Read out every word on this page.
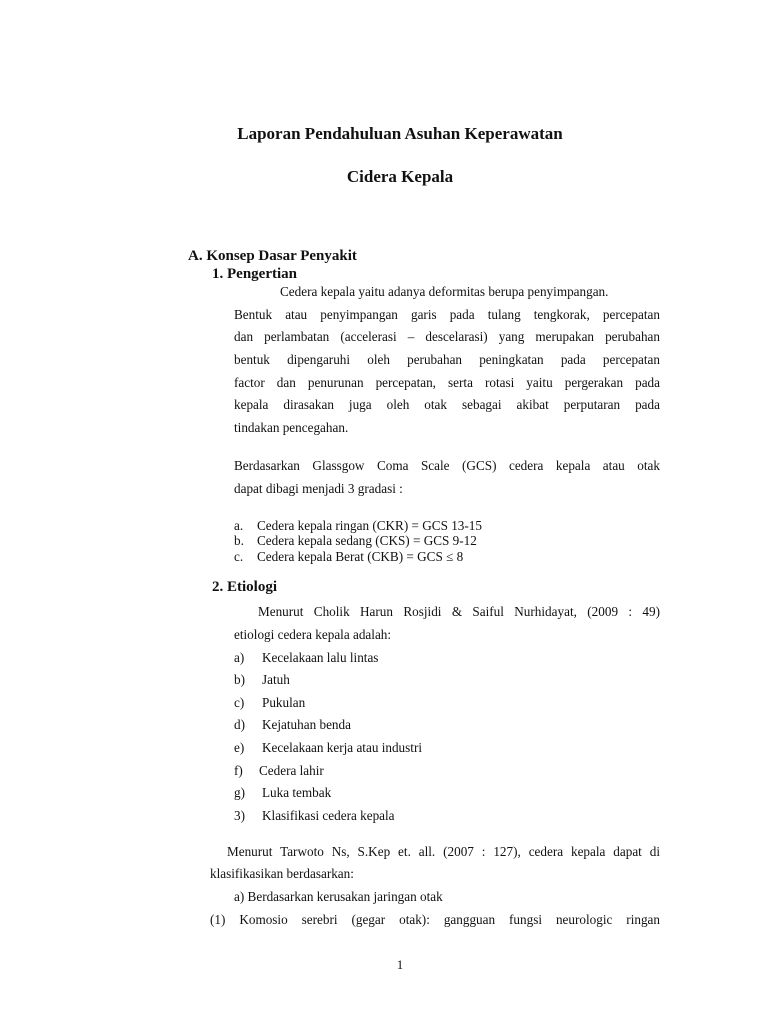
Laporan Pendahuluan Asuhan Keperawatan
Cidera Kepala
A. Konsep Dasar Penyakit
1. Pengertian
Cedera kepala yaitu adanya deformitas berupa penyimpangan.
Bentuk atau penyimpangan garis pada tulang tengkorak, percepatan
dan perlambatan (accelerasi – descelarasi) yang merupakan perubahan
bentuk dipengaruhi oleh perubahan peningkatan pada percepatan
factor dan penurunan percepatan, serta rotasi yaitu pergerakan pada
kepala dirasakan juga oleh otak sebagai akibat perputaran pada
tindakan pencegahan.
Berdasarkan Glassgow Coma Scale (GCS) cedera kepala atau otak
dapat dibagi menjadi 3 gradasi :
a. Cedera kepala ringan (CKR) = GCS 13-15
b. Cedera kepala sedang (CKS) = GCS 9-12
c. Cedera kepala Berat (CKB) = GCS ≤ 8
2. Etiologi
Menurut Cholik Harun Rosjidi & Saiful Nurhidayat, (2009 : 49)
etiologi cedera kepala adalah:
a) Kecelakaan lalu lintas
b) Jatuh
c) Pukulan
d) Kejatuhan benda
e) Kecelakaan kerja atau industri
f) Cedera lahir
g) Luka tembak
3) Klasifikasi cedera kepala
Menurut Tarwoto Ns, S.Kep et. all. (2007 : 127), cedera kepala dapat di
klasifikasikan berdasarkan:
a) Berdasarkan kerusakan jaringan otak
(1) Komosio serebri (gegar otak): gangguan fungsi neurologic ringan
1
